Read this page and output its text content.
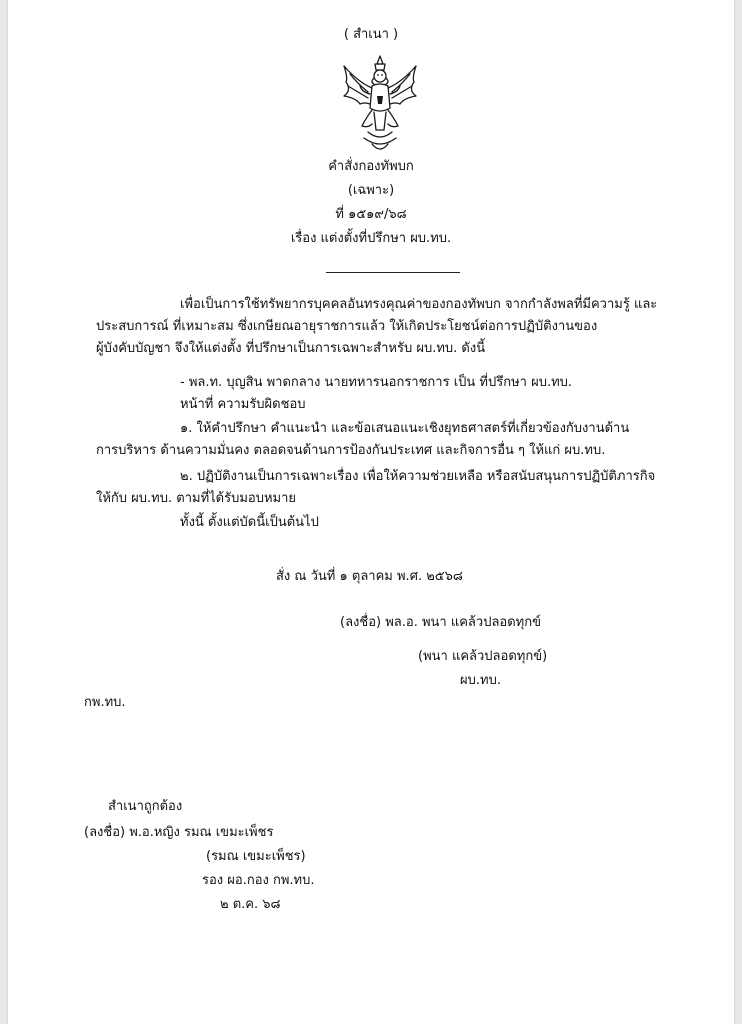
( สำเนา )
คำสั่งกองทัพบก
(เฉพาะ)
ที่ ๑๕๑๙/๖๘
เรื่อง แต่งตั้งที่ปรึกษา ผบ.ทบ.

เพื่อเป็นการใช้ทรัพยากรบุคคลอันทรงคุณค่าของกองทัพบก จากกำลังพลที่มีความรู้ และ

ประสบการณ์ ที่เหมาะสม ซึ่งเกษียณอายุราชการแล้ว ให้เกิดประโยชน์ต่อการปฏิบัติงานของ

ผู้บังคับบัญชา จึงให้แต่งตั้ง ที่ปรึกษาเป็นการเฉพาะสำหรับ ผบ.ทบ. ดังนี้

- พล.ท. บุญสิน พาดกลาง นายทหารนอกราชการ เป็น ที่ปรึกษา ผบ.ทบ.
หน้าที่ ความรับผิดชอบ

๑. ให้คำปรึกษา คำแนะนำ และข้อเสนอแนะเชิงยุทธศาสตร์ที่เกี่ยวข้องกับงานด้าน

การบริหาร ด้านความมั่นคง ตลอดจนด้านการป้องกันประเทศ และกิจการอื่น ๆ ให้แก่ ผบ.ทบ.

๒. ปฏิบัติงานเป็นการเฉพาะเรื่อง เพื่อให้ความช่วยเหลือ หรือสนับสนุนการปฏิบัติภารกิจ

ให้กับ ผบ.ทบ. ตามที่ได้รับมอบหมาย

ทั้งนี้ ตั้งแต่บัดนี้เป็นต้นไป
สั่ง ณ วันที่ ๑ ตุลาคม พ.ศ. ๒๕๖๘
(ลงชื่อ) พล.อ. พนา แคล้วปลอดทุกข์
(พนา แคล้วปลอดทุกข์)
ผบ.ทบ.
กพ.ทบ.
สำเนาถูกต้อง
(ลงชื่อ) พ.อ.หญิง รมณ เขมะเพ็ชร
(รมณ เขมะเพ็ชร)
รอง ผอ.กอง กพ.ทบ.
๒ ต.ค. ๖๘
